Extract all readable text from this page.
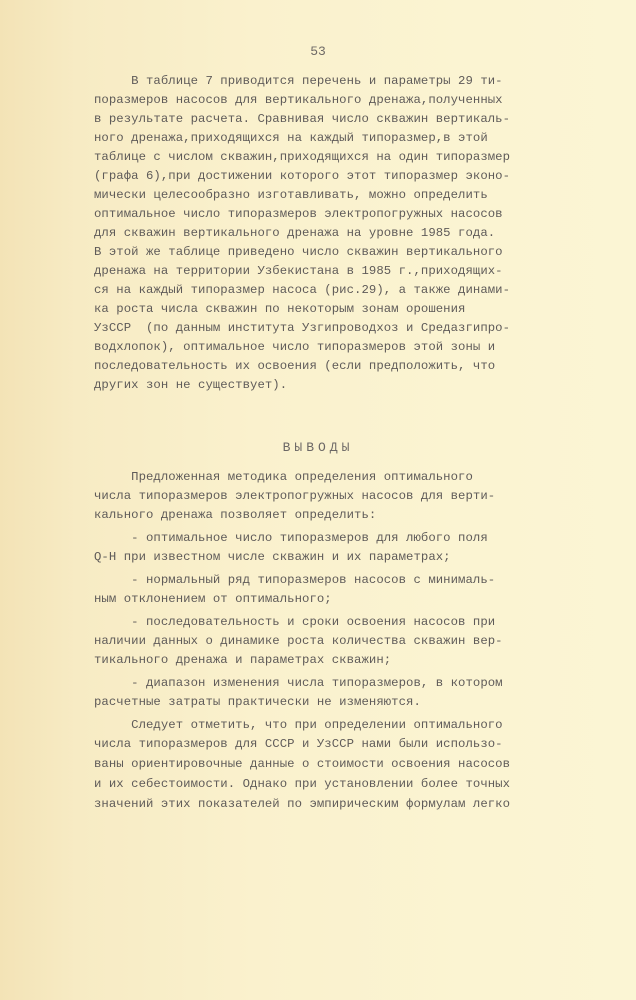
53
В таблице 7 приводится перечень и параметры 29 ти-
поразмеров насосов для вертикального дренажа,полученных
в результате расчета. Сравнивая число скважин вертикаль-
ного дренажа,приходящихся на каждый типоразмер,в этой
таблице с числом скважин,приходящихся на один типоразмер
(графа 6),при достижении которого этот типоразмер эконо-
мически целесообразно изготавливать, можно определить
оптимальное число типоразмеров электропогружных насосов
для скважин вертикального дренажа на уровне 1985 года.
В этой же таблице приведено число скважин вертикального
дренажа на территории Узбекистана в 1985 г.,приходящих-
ся на каждый типоразмер насоса (рис.29), а также динами-
ка роста числа скважин по некоторым зонам орошения
УзССР  (по данным института Узгипроводхоз и Средазгипро-
водхлопок), оптимальное число типоразмеров этой зоны и
последовательность их освоения (если предположить, что
других зон не существует).
ВЫВОДЫ
Предложенная методика определения оптимального
числа типоразмеров электропогружных насосов для верти-
кального дренажа позволяет определить:
- оптимальное число типоразмеров для любого поля
Q-H при известном числе скважин и их параметрах;
- нормальный ряд типоразмеров насосов с минималь-
ным отклонением от оптимального;
- последовательность и сроки освоения насосов при
наличии данных о динамике роста количества скважин вер-
тикального дренажа и параметрах скважин;
- диапазон изменения числа типоразмеров, в котором
расчетные затраты практически не изменяются.
Следует отметить, что при определении оптимального
числа типоразмеров для СССР и УзССР нами были использо-
ваны ориентировочные данные о стоимости освоения насосов
и их себестоимости. Однако при установлении более точных
значений этих показателей по эмпирическим формулам легко
